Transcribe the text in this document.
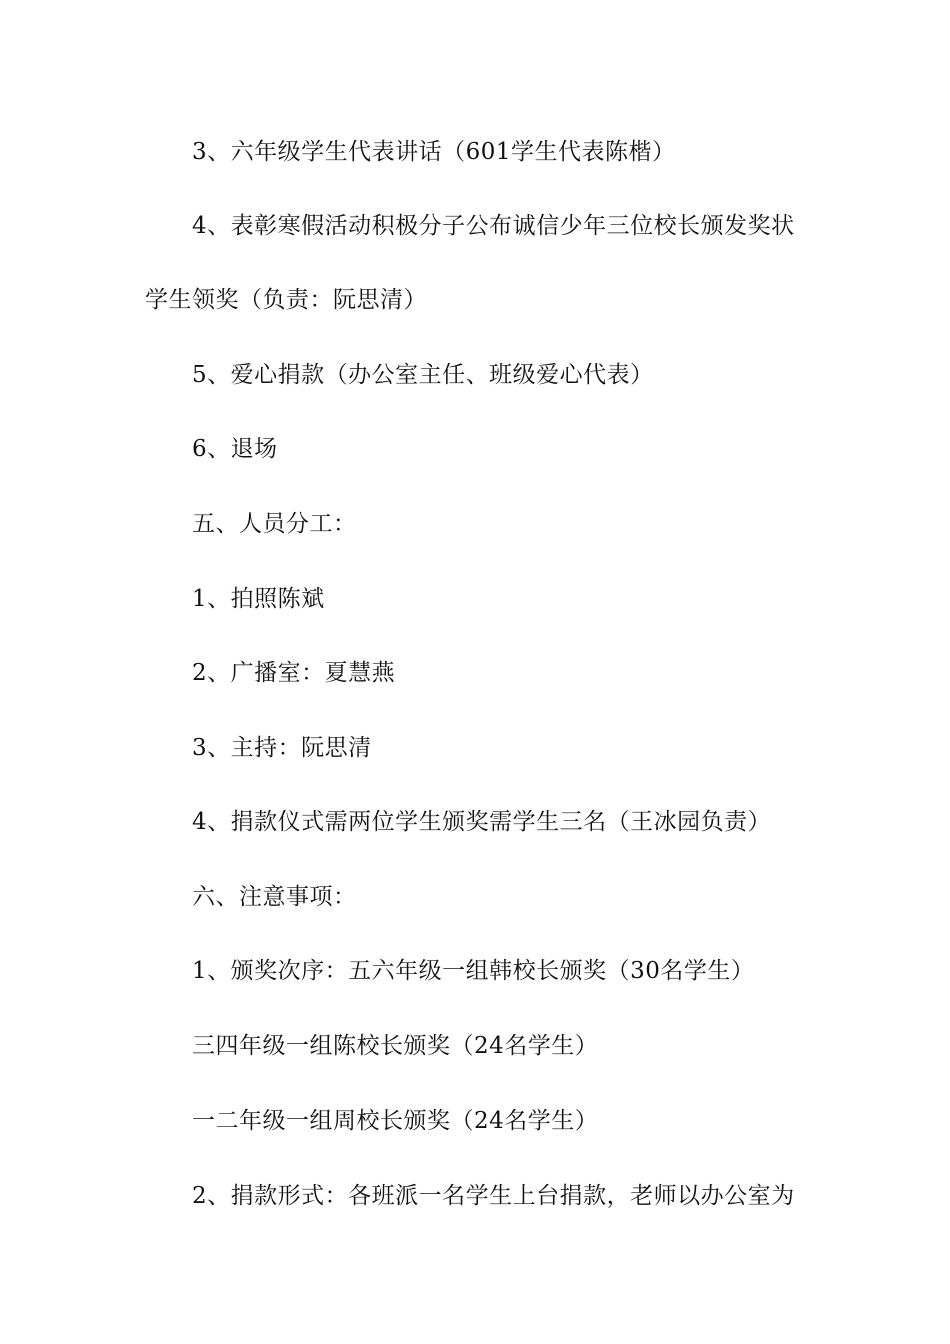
3、六年级学生代表讲话（601学生代表陈楷）
4、表彰寒假活动积极分子公布诚信少年三位校长颁发奖状
学生领奖（负责：阮思清）
5、爱心捐款（办公室主任、班级爱心代表）
6、退场
五、人员分工：
1、拍照陈斌
2、广播室：夏慧燕
3、主持：阮思清
4、捐款仪式需两位学生颁奖需学生三名（王冰园负责）
六、注意事项：
1、颁奖次序：五六年级一组韩校长颁奖（30名学生）
三四年级一组陈校长颁奖（24名学生）
一二年级一组周校长颁奖（24名学生）
2、捐款形式：各班派一名学生上台捐款，老师以办公室为
